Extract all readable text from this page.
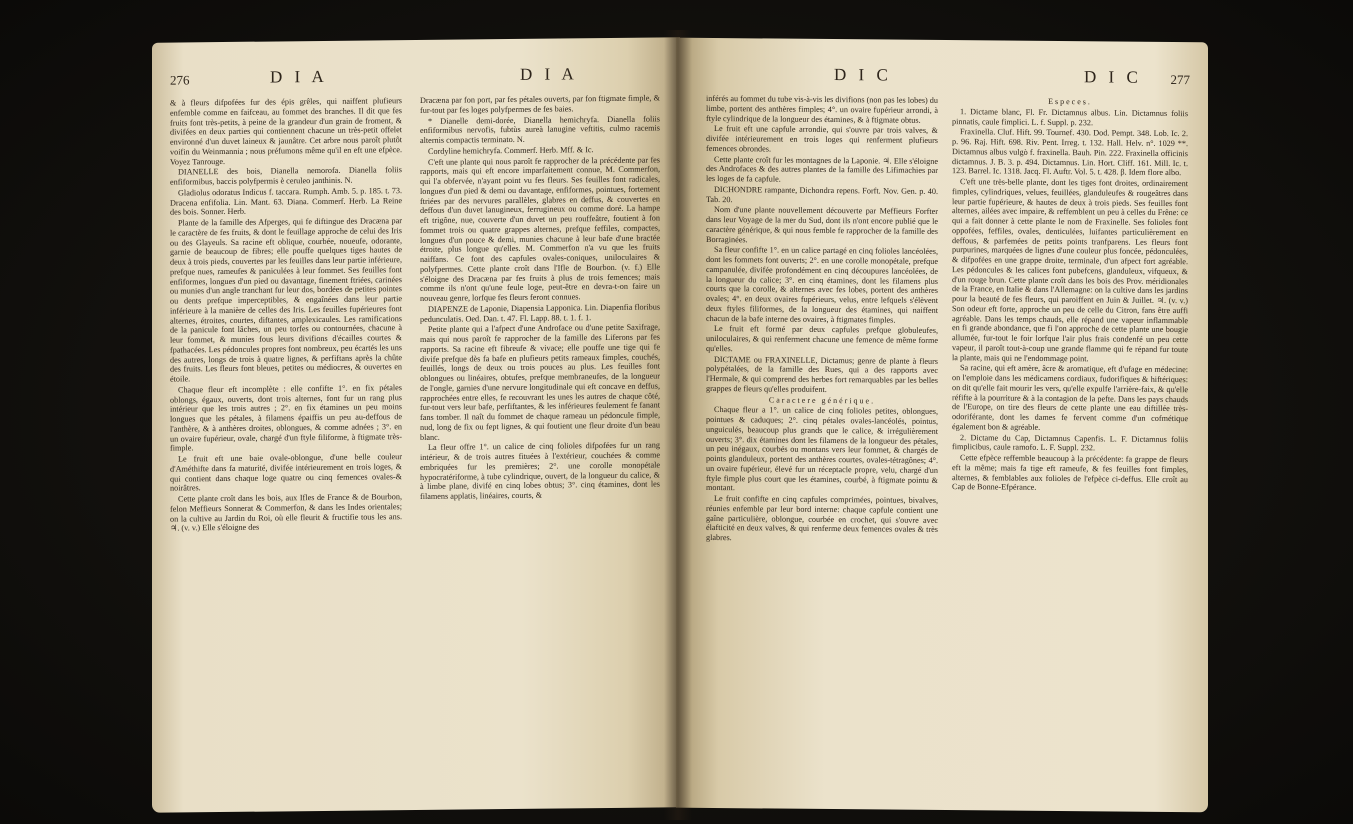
276	D I A	D I A

& à fleurs difpofées fur des épis grêles, qui naiffent plufieurs enfemble comme en faifceau, au fommet des branches. Il dit que fes fruits font très-petits, à peine de la grandeur d'un grain de froment, & divifées en deux parties qui contiennent chacune un très-petit offelet environné d'un duvet laineux & jaunâtre. Cet arbre nous paroît plutôt voifin du Weinmannia ; nous préfumons même qu'il en eft une efpèce. Voyez Tanrouge.

DIANELLE des bois, Dianella nemorofa. Dianella foliis enfiformibus, baccis polyfpermis è ceruleo janthinis. N.

Gladiolus odoratus Indicus f. taccara. Rumph. Amb. 5. p. 185. t. 73. Dracena enfifolia. Lin. Mant. 63. Diana. Commerf. Herb. La Reine des bois. Sonner. Herb.

Plante de la famille des Afperges, qui fe diftingue des Dracæna par le caractère de fes fruits, & dont le feuillage approche de celui des Iris ou des Glayeuls. Sa racine eft oblique, courbée, noueufe, odorante, garnie de beaucoup de fibres; elle pouffe quelques tiges hautes de deux à trois pieds, couvertes par les feuilles dans leur partie inférieure, prefque nues, rameufes & paniculées à leur fommet. Ses feuilles font enfiformes, longues d'un pied ou davantage, finement ftriées, carinées ou munies d'un angle tranchant fur leur dos, bordées de petites pointes ou dents prefque imperceptibles, & engaînées dans leur partie inférieure à la manière de celles des Iris. Les feuilles fupérieures font alternes, étroites, courtes, diftantes, amplexicaules. Les ramifications de la panicule font lâches, un peu torfes ou contournées, chacune à leur fommet, & munies fous leurs divifions d'écailles courtes & fpathacées. Les pédoncules propres font nombreux, peu écartés les uns des autres, longs de trois à quatre lignes, & perfiftans après la chûte des fruits. Les fleurs font bleues, petites ou médiocres, & ouvertes en étoile.

Chaque fleur eft incomplète : elle confifte 1°. en fix pétales oblongs, égaux, ouverts, dont trois alternes, font fur un rang plus intérieur que les trois autres ; 2°. en fix étamines un peu moins longues que les pétales, à filamens épaiffis un peu au-deffous de l'anthère, & à anthères droites, oblongues, & comme adnées ; 3°. en un ovaire fupérieur, ovale, chargé d'un ftyle filiforme, à ftigmate très-fimple.

Le fruit eft une baie ovale-oblongue, d'une belle couleur d'Améthifte dans fa maturité, divifée intérieurement en trois loges, & qui contient dans chaque loge quatre ou cinq femences ovales-& noirâtres.

Cette plante croît dans les bois, aux Ifles de France & de Bourbon, felon Meffieurs Sonnerat & Commerfon, & dans les Indes orientales; on la cultive au Jardin du Roi, où elle fleurit & fructifie tous les ans. ♃. (v. v.) Elle s'éloigne des

Dracæna par fon port, par fes pétales ouverts, par fon ftigmate fimple, & fur-tout par fes loges polyfpermes de fes baies.

* Dianelle demi-dorée, Dianella hemichryfa. Dianella foliis enfiformibus nervofis, fubtùs aureà lanugine veftitis, culmo racemis alternis compactis terminato. N.

Cordyline hemichryfa. Commerf. Herb. Mff. & Ic.

C'eft une plante qui nous paroît fe rapprocher de la précédente par fes rapports, mais qui eft encore imparfaitement connue, M. Commerfon, qui l'a obfervée, n'ayant point vu fes fleurs. Ses feuilles font radicales, longues d'un pied & demi ou davantage, enfiformes, pointues, fortement ftriées par des nervures parallèles, glabres en deffus, & couvertes en deffous d'un duvet lanugineux, ferrugineux ou comme doré. La hampe eft trigône, nue, couverte d'un duvet un peu rouffeâtre, foutient à fon fommet trois ou quatre grappes alternes, prefque feffiles, compactes, longues d'un pouce & demi, munies chacune à leur bafe d'une bractée étroite, plus longue qu'elles. M. Commerfon n'a vu que les fruits naiffans. Ce font des capfules ovales-coniques, uniloculaires & polyfpermes. Cette plante croît dans l'Ifle de Bourbon. (v. f.) Elle s'éloigne des Dracæna par fes fruits à plus de trois femences; mais comme ils n'ont qu'une feule loge, peut-être en devra-t-on faire un nouveau genre, lorfque fes fleurs feront connues.

DIAPENZE de Laponie, Diapensia Lapponica. Lin. Diapenfia floribus pedunculatis. Oed. Dan. t. 47. Fl. Lapp. 88. t. 1. f. 1.

Petite plante qui a l'afpect d'une Androface ou d'une petite Saxifrage, mais qui nous paroît fe rapprocher de la famille des Liferons par fes rapports. Sa racine eft fibreufe & vivace; elle pouffe une tige qui fe divife prefque dès fa bafe en plufieurs petits rameaux fimples, couchés, feuillés, longs de deux ou trois pouces au plus. Les feuilles font oblongues ou linéaires, obtufes, prefque membraneufes, de la longueur de l'ongle, garnies d'une nervure longitudinale qui eft concave en deffus, rapprochées entre elles, fe recouvrant les unes les autres de chaque côté, fur-tout vers leur bafe, perfiftantes, & les inférieures feulement fe fanant fans tomber. Il naît du fommet de chaque rameau un pédoncule fimple, nud, long de fix ou fept lignes, & qui foutient une fleur droite d'un beau blanc.

La fleur offre 1°. un calice de cinq folioles difpofées fur un rang intérieur, & de trois autres fituées à l'extérieur, couchées & comme embriquées fur les premières; 2°. une corolle monopétale hypocratériforme, à tube cylindrique, ouvert, de la longueur du calice, & à limbe plane, divifé en cinq lobes obtus; 3°. cinq étamines, dont les filamens applatis, linéaires, courts, &

D I C	D I C 277

inférés au fommet du tube vis-à-vis les divifions (non pas les lobes) du limbe, portent des anthères fimples; 4°. un ovaire fupérieur arrondi, à ftyle cylindrique de la longueur des étamines, & à ftigmate obtus.

Le fruit eft une capfule arrondie, qui s'ouvre par trois valves, & divifée intérieurement en trois loges qui renferment plufieurs femences obrondes.

Cette plante croît fur les montagnes de la Laponie. ♃. Elle s'éloigne des Androfaces & des autres plantes de la famille des Lifimachies par les loges de fa capfule.

DICHONDRE rampante, Dichondra repens. Forft. Nov. Gen. p. 40. Tab. 20.

Nom d'une plante nouvellement découverte par Meffieurs Forfter dans leur Voyage de la mer du Sud, dont ils n'ont encore publié que le caractère générique, & qui nous femble fe rapprocher de la famille des Borraginées.

Sa fleur confifte 1°. en un calice partagé en cinq folioles lancéolées, dont les fommets font ouverts; 2°. en une corolle monopétale, prefque campanulée, divifée profondément en cinq découpures lancéolées, de la longueur du calice; 3°. en cinq étamines, dont les filamens plus courts que la corolle, & alternes avec fes lobes, portent des anthères ovales; 4°. en deux ovaires fupérieurs, velus, entre lefquels s'élèvent deux ftyles filiformes, de la longueur des étamines, qui naiffent chacun de la bafe interne des ovaires, à ftigmates fimples.

Le fruit eft formé par deux capfules prefque globuleufes, uniloculaires, & qui renferment chacune une femence de même forme qu'elles.

DICTAME ou FRAXINELLE, Dictamus; genre de plante à fleurs polypétalées, de la famille des Rues, qui a des rapports avec l'Hermale, & qui comprend des herbes fort remarquables par les belles grappes de fleurs qu'elles produifent.

Caractere générique.

Chaque fleur a 1°. un calice de cinq folioles petites, oblongues, pointues & caduques; 2°. cinq pétales ovales-lancéolés, pointus, unguiculés, beaucoup plus grands que le calice, & irrégulièrement ouverts; 3°. dix étamines dont les filamens de la longueur des pétales, un peu inégaux, courbés ou montans vers leur fommet, & chargés de points glanduleux, portent des anthères courtes, ovales-tétragônes; 4°. un ovaire fupérieur, élevé fur un réceptacle propre, velu, chargé d'un ftyle fimple plus court que les étamines, courbé, à ftigmate pointu & montant.

Le fruit confifte en cinq capfules comprimées, pointues, bivalves, réunies enfemble par leur bord interne: chaque capfule contient une gaîne particulière, oblongue, courbée en crochet, qui s'ouvre avec élafticité en deux valves, & qui renferme deux femences ovales & très glabres.

Especes.

1. Dictame blanc, Fl. Fr. Dictamnus albus. Lin. Dictamnus foliis pinnatis, caule fimplici. L. f. Suppl. p. 232.

Fraxinella. Cluf. Hift. 99. Tournef. 430. Dod. Pempt. 348. Lob. Ic. 2. p. 96. Raj. Hift. 698. Riv. Pent. Irreg. t. 132. Hall. Helv. n°. 1029 **. Dictamnus albus vulgò f. fraxinella. Bauh. Pin. 222. Fraxinella officinis dictamnus. J. B. 3. p. 494. Dictamnus. Lin. Hort. Cliff. 161. Mill. Ic. t. 123. Barrel. Ic. 1318. Jacq. Fl. Auftr. Vol. 5. t. 428. β. Idem flore albo.

C'eft une très-belle plante, dont les tiges font droites, ordinairement fimples, cylindriques, velues, feuillées, glanduleufes & rougeâtres dans leur partie fupérieure, & hautes de deux à trois pieds. Ses feuilles font alternes, ailées avec impaire, & reffemblent un peu à celles du Frêne: ce qui a fait donner à cette plante le nom de Fraxinelle. Ses folioles font oppofées, feffiles, ovales, denticulées, luifantes particulièrement en deffous, & parfemées de petits points tranfparens. Les fleurs font purpurines, marquées de lignes d'une couleur plus foncée, pédonculées, & difpofées en une grappe droite, terminale, d'un afpect fort agréable. Les pédoncules & les calices font pubefcens, glanduleux, vifqueux, & d'un rouge brun. Cette plante croît dans les bois des Prov. méridionales de la France, en Italie & dans l'Allemagne: on la cultive dans les jardins pour la beauté de fes fleurs, qui paroiffent en Juin & Juillet. ♃. (v. v.) Son odeur eft forte, approche un peu de celle du Citron, fans être auffi agréable. Dans les temps chauds, elle répand une vapeur inflammable en fi grande abondance, que fi l'on approche de cette plante une bougie allumée, fur-tout le foir lorfque l'air plus frais condenfé un peu cette vapeur, il paroît tout-à-coup une grande flamme qui fe répand fur toute la plante, mais qui ne l'endommage point.

Sa racine, qui eft amère, âcre & aromatique, eft d'ufage en médecine: on l'emploie dans les médicamens cordiaux, fudorifiques & hiftériques: on dit qu'elle fait mourir les vers, qu'elle expulfe l'arrière-faix, & qu'elle réfifte à la pourriture & à la contagion de la pefte. Dans les pays chauds de l'Europe, on tire des fleurs de cette plante une eau diftillée très-odoriférante, dont les dames fe fervent comme d'un cofmétique également bon & agréable.

2. Dictame du Cap, Dictamnus Capenfis. L. F. Dictamnus foliis fimplicibus, caule ramofo. L. F. Suppl. 232.

Cette efpèce reffemble beaucoup à la précédente: fa grappe de fleurs eft la même; mais fa tige eft rameufe, & fes feuilles font fimples, alternes, & femblables aux folioles de l'efpèce ci-deffus. Elle croît au Cap de Bonne-Efpérance.
